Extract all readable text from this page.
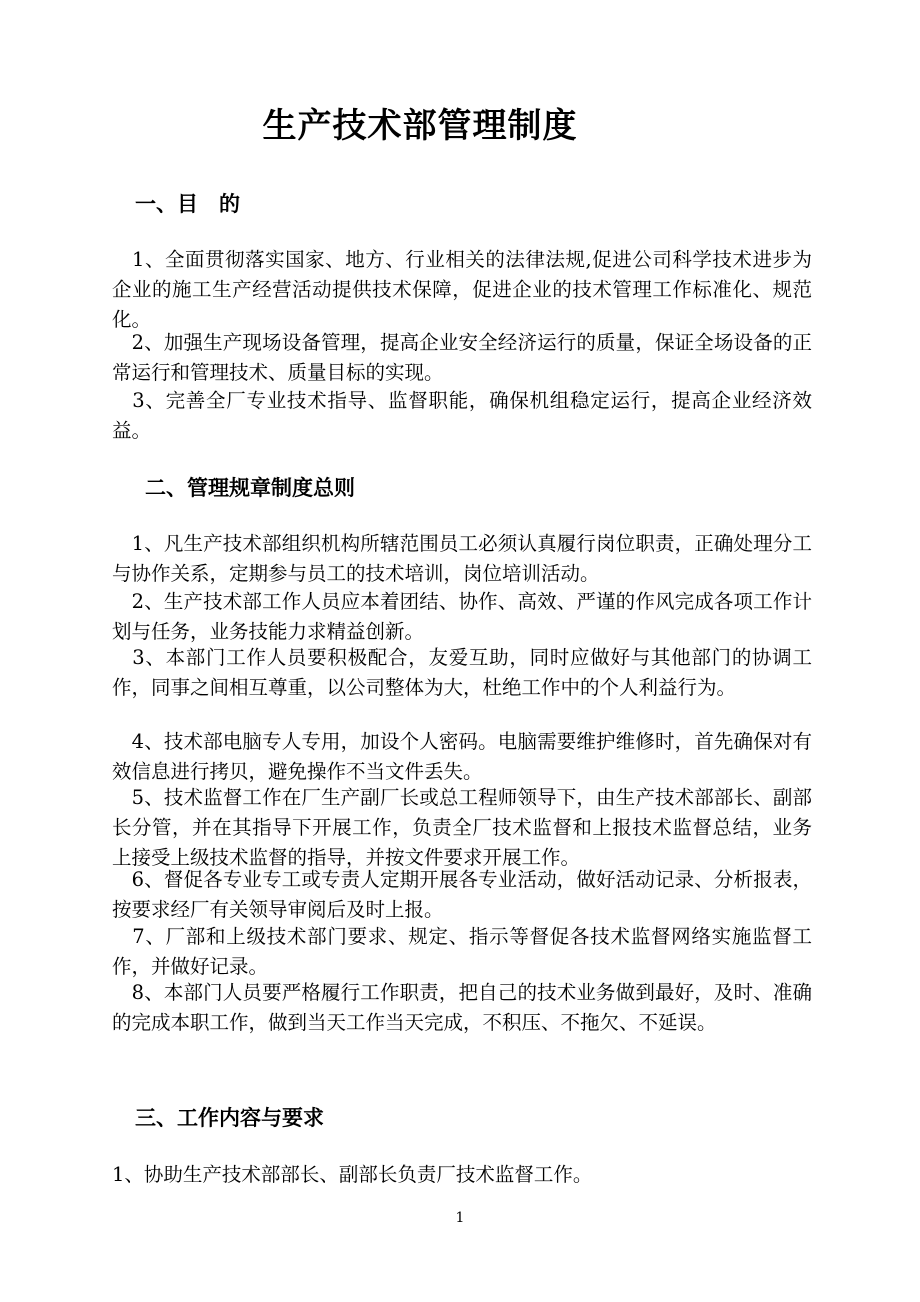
生产技术部管理制度
一、目　的

　1、全面贯彻落实国家、地方、行业相关的法律法规,促进公司科学技术进步为企业的施工生产经营活动提供技术保障，促进企业的技术管理工作标准化、规范化。

　2、加强生产现场设备管理，提高企业安全经济运行的质量，保证全场设备的正常运行和管理技术、质量目标的实现。

　3、完善全厂专业技术指导、监督职能，确保机组稳定运行，提高企业经济效益。

二、管理规章制度总则

　1、凡生产技术部组织机构所辖范围员工必须认真履行岗位职责，正确处理分工与协作关系，定期参与员工的技术培训，岗位培训活动。

　2、生产技术部工作人员应本着团结、协作、高效、严谨的作风完成各项工作计划与任务，业务技能力求精益创新。

　3、本部门工作人员要积极配合，友爱互助，同时应做好与其他部门的协调工作，同事之间相互尊重，以公司整体为大，杜绝工作中的个人利益行为。

　4、技术部电脑专人专用，加设个人密码。电脑需要维护维修时，首先确保对有效信息进行拷贝，避免操作不当文件丢失。

　5、技术监督工作在厂生产副厂长或总工程师领导下，由生产技术部部长、副部长分管，并在其指导下开展工作，负责全厂技术监督和上报技术监督总结，业务上接受上级技术监督的指导，并按文件要求开展工作。

　6、督促各专业专工或专责人定期开展各专业活动，做好活动记录、分析报表，按要求经厂有关领导审阅后及时上报。

　7、厂部和上级技术部门要求、规定、指示等督促各技术监督网络实施监督工作，并做好记录。

　8、本部门人员要严格履行工作职责，把自己的技术业务做到最好，及时、准确的完成本职工作，做到当天工作当天完成，不积压、不拖欠、不延误。

三、工作内容与要求

1、协助生产技术部部长、副部长负责厂技术监督工作。

1
